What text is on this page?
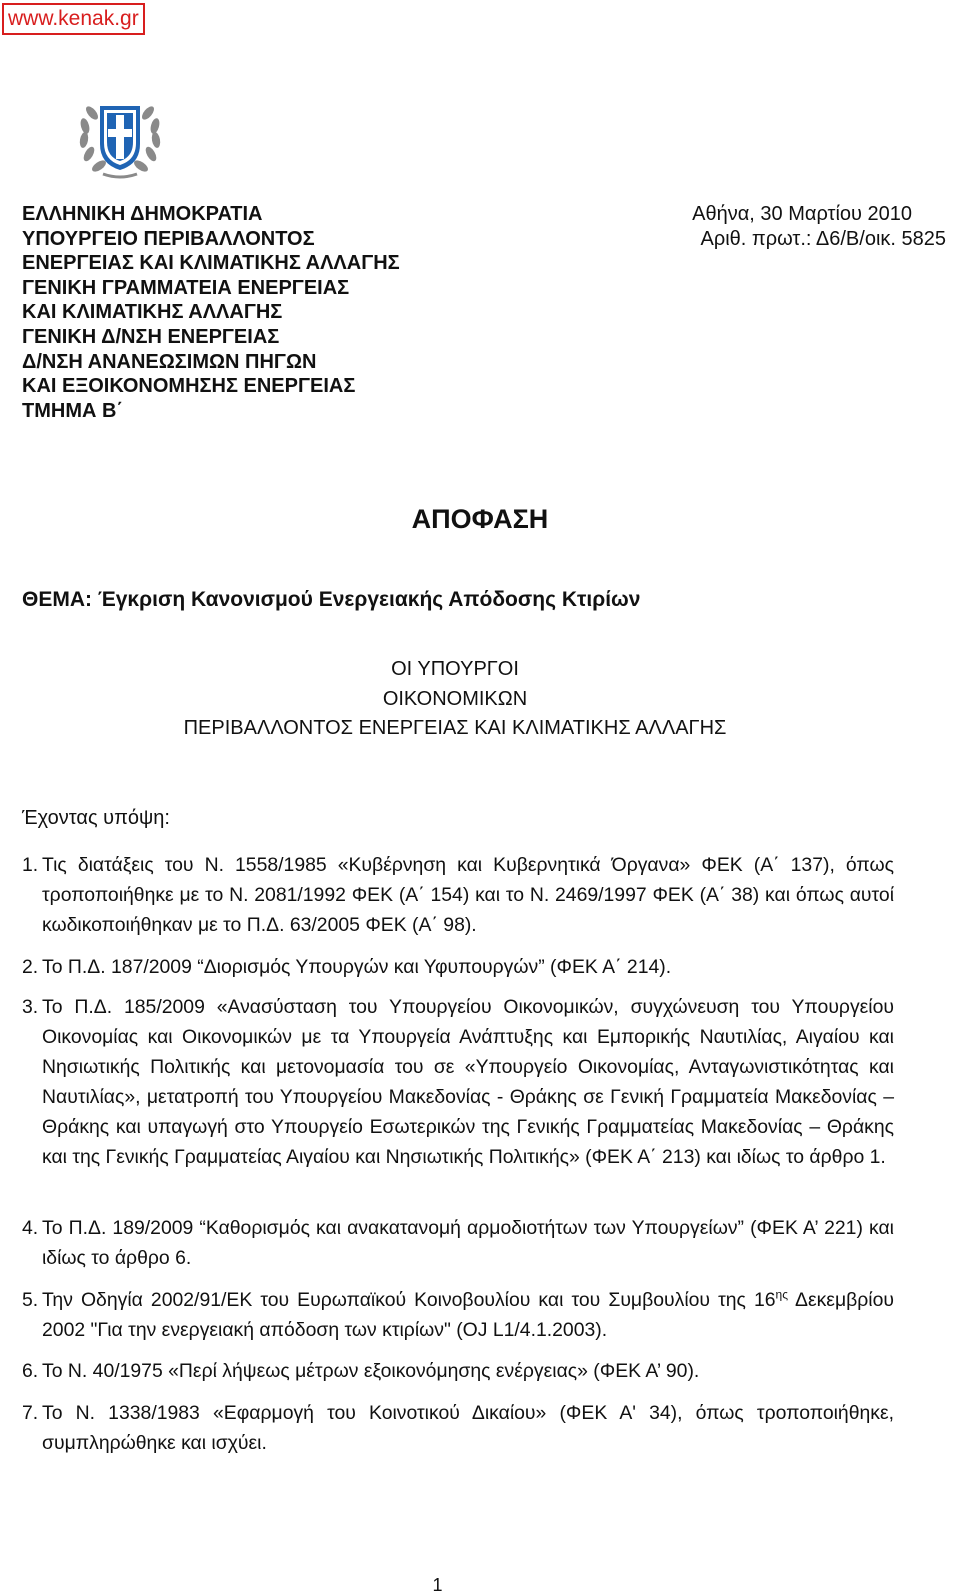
www.kenak.gr
ΕΛΛΗΝΙΚΗ ΔΗΜΟΚΡΑΤΙΑ
ΥΠΟΥΡΓΕΙΟ ΠΕΡΙΒΑΛΛΟΝΤΟΣ
ΕΝΕΡΓΕΙΑΣ ΚΑΙ ΚΛΙΜΑΤΙΚΗΣ ΑΛΛΑΓΗΣ
ΓΕΝΙΚΗ ΓΡΑΜΜΑΤΕΙΑ ΕΝΕΡΓΕΙΑΣ
ΚΑΙ ΚΛΙΜΑΤΙΚΗΣ ΑΛΛΑΓΗΣ
ΓΕΝΙΚΗ Δ/ΝΣΗ ΕΝΕΡΓΕΙΑΣ
Δ/ΝΣΗ ΑΝΑΝΕΩΣΙΜΩΝ ΠΗΓΩΝ
ΚΑΙ ΕΞΟΙΚΟΝΟΜΗΣΗΣ ΕΝΕΡΓΕΙΑΣ
ΤΜΗΜΑ Β΄
Αθήνα, 30 Μαρτίου 2010
Αριθ. πρωτ.: Δ6/Β/οικ. 5825
ΑΠΟΦΑΣΗ
ΘΕΜΑ: Έγκριση Κανονισμού Ενεργειακής Απόδοσης Κτιρίων
ΟΙ ΥΠΟΥΡΓΟΙ
ΟΙΚΟΝΟΜΙΚΩΝ
ΠΕΡΙΒΑΛΛΟΝΤΟΣ ΕΝΕΡΓΕΙΑΣ ΚΑΙ ΚΛΙΜΑΤΙΚΗΣ ΑΛΛΑΓΗΣ
Έχοντας υπόψη:
1. Τις διατάξεις του Ν. 1558/1985 «Κυβέρνηση και Κυβερνητικά Όργανα» ΦΕΚ (Α΄ 137), όπως τροποποιήθηκε με το Ν. 2081/1992 ΦΕΚ (Α΄ 154) και το Ν. 2469/1997 ΦΕΚ (Α΄ 38) και όπως αυτοί κωδικοποιήθηκαν με το Π.Δ. 63/2005 ΦΕΚ (Α΄ 98).
2. Το Π.Δ. 187/2009 “Διορισμός Υπουργών και Υφυπουργών” (ΦΕΚ Α΄ 214).
3. Το Π.Δ. 185/2009 «Ανασύσταση του Υπουργείου Οικονομικών, συγχώνευση του Υπουργείου Οικονομίας και Οικονομικών με τα Υπουργεία Ανάπτυξης και Εμπορικής Ναυτιλίας, Αιγαίου και Νησιωτικής Πολιτικής και μετονομασία του σε «Υπουργείο Οικονομίας, Ανταγωνιστικότητας και Ναυτιλίας», μετατροπή του Υπουργείου Μακεδονίας - Θράκης σε Γενική Γραμματεία Μακεδονίας – Θράκης και υπαγωγή στο Υπουργείο Εσωτερικών της Γενικής Γραμματείας Μακεδονίας – Θράκης και της Γενικής Γραμματείας Αιγαίου και Νησιωτικής Πολιτικής» (ΦΕΚ Α΄ 213) και ιδίως το άρθρο 1.
4. Το Π.Δ. 189/2009 “Καθορισμός και ανακατανομή αρμοδιοτήτων των Υπουργείων” (ΦΕΚ Α’ 221) και ιδίως το άρθρο 6.
5. Την Οδηγία 2002/91/ΕΚ του Ευρωπαϊκού Κοινοβουλίου και του Συμβουλίου της $16^{\eta\varsigma}$ Δεκεμβρίου 2002 "Για την ενεργειακή απόδοση των κτιρίων" (OJ L1/4.1.2003).
6. Το Ν. 40/1975 «Περί λήψεως μέτρων εξοικονόμησης ενέργειας» (ΦΕΚ Α’ 90).
7. Το Ν. 1338/1983 «Εφαρμογή του Κοινοτικού Δικαίου» (ΦΕΚ Α' 34), όπως τροποποιήθηκε, συμπληρώθηκε και ισχύει.
1
